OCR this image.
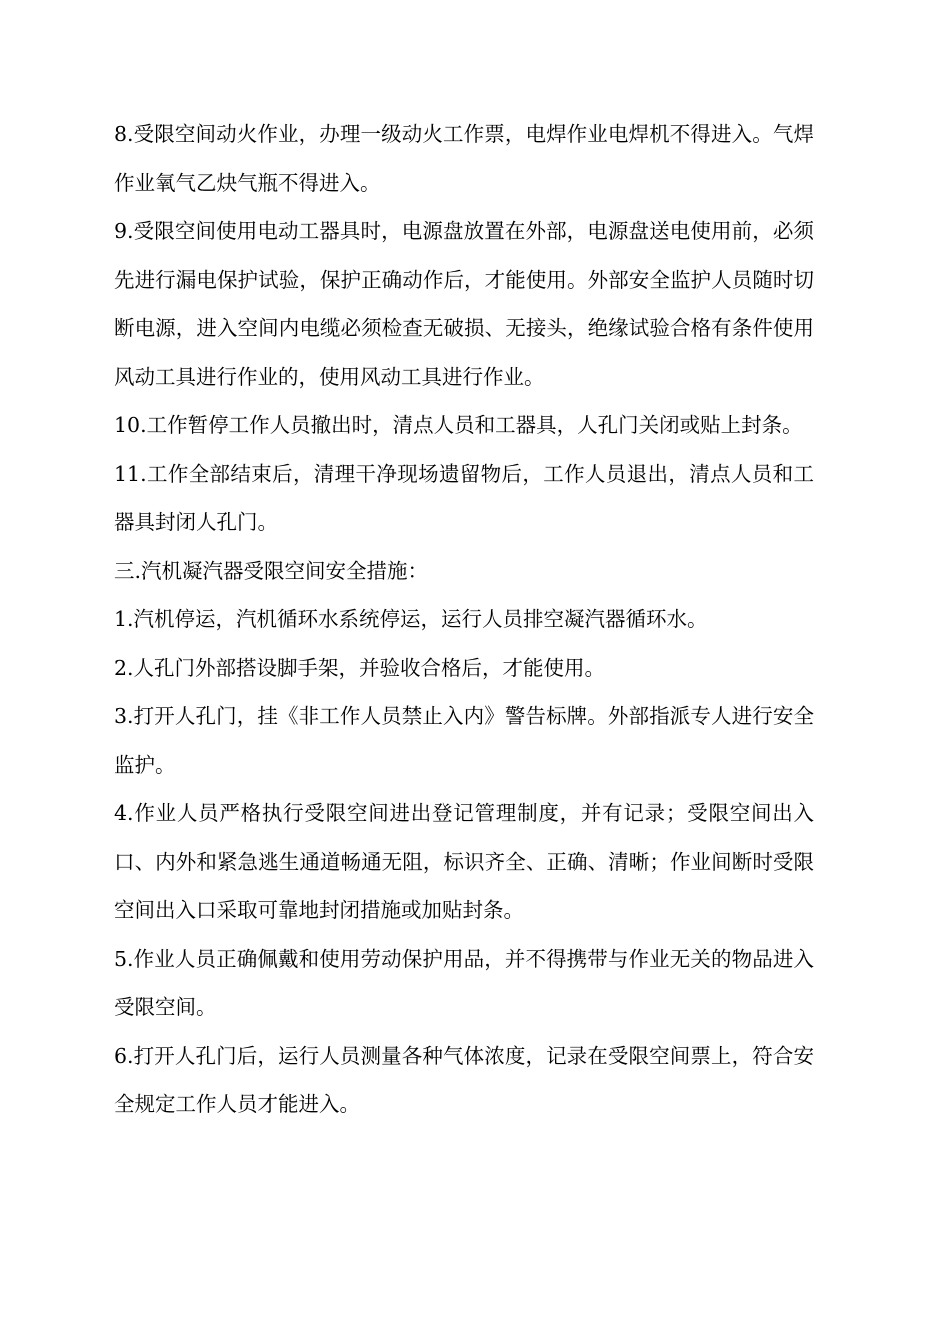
8.受限空间动火作业，办理一级动火工作票，电焊作业电焊机不得进入。气焊作业氧气乙炔气瓶不得进入。

9.受限空间使用电动工器具时，电源盘放置在外部，电源盘送电使用前，必须先进行漏电保护试验，保护正确动作后，才能使用。外部安全监护人员随时切断电源，进入空间内电缆必须检查无破损、无接头，绝缘试验合格有条件使用风动工具进行作业的，使用风动工具进行作业。

10.工作暂停工作人员撤出时，清点人员和工器具，人孔门关闭或贴上封条。

11.工作全部结束后，清理干净现场遗留物后，工作人员退出，清点人员和工器具封闭人孔门。

三.汽机凝汽器受限空间安全措施：

1.汽机停运，汽机循环水系统停运，运行人员排空凝汽器循环水。

2.人孔门外部搭设脚手架，并验收合格后，才能使用。

3.打开人孔门，挂《非工作人员禁止入内》警告标牌。外部指派专人进行安全监护。

4.作业人员严格执行受限空间进出登记管理制度，并有记录；受限空间出入口、内外和紧急逃生通道畅通无阻，标识齐全、正确、清晰；作业间断时受限空间出入口采取可靠地封闭措施或加贴封条。

5.作业人员正确佩戴和使用劳动保护用品，并不得携带与作业无关的物品进入受限空间。

6.打开人孔门后，运行人员测量各种气体浓度，记录在受限空间票上，符合安全规定工作人员才能进入。
